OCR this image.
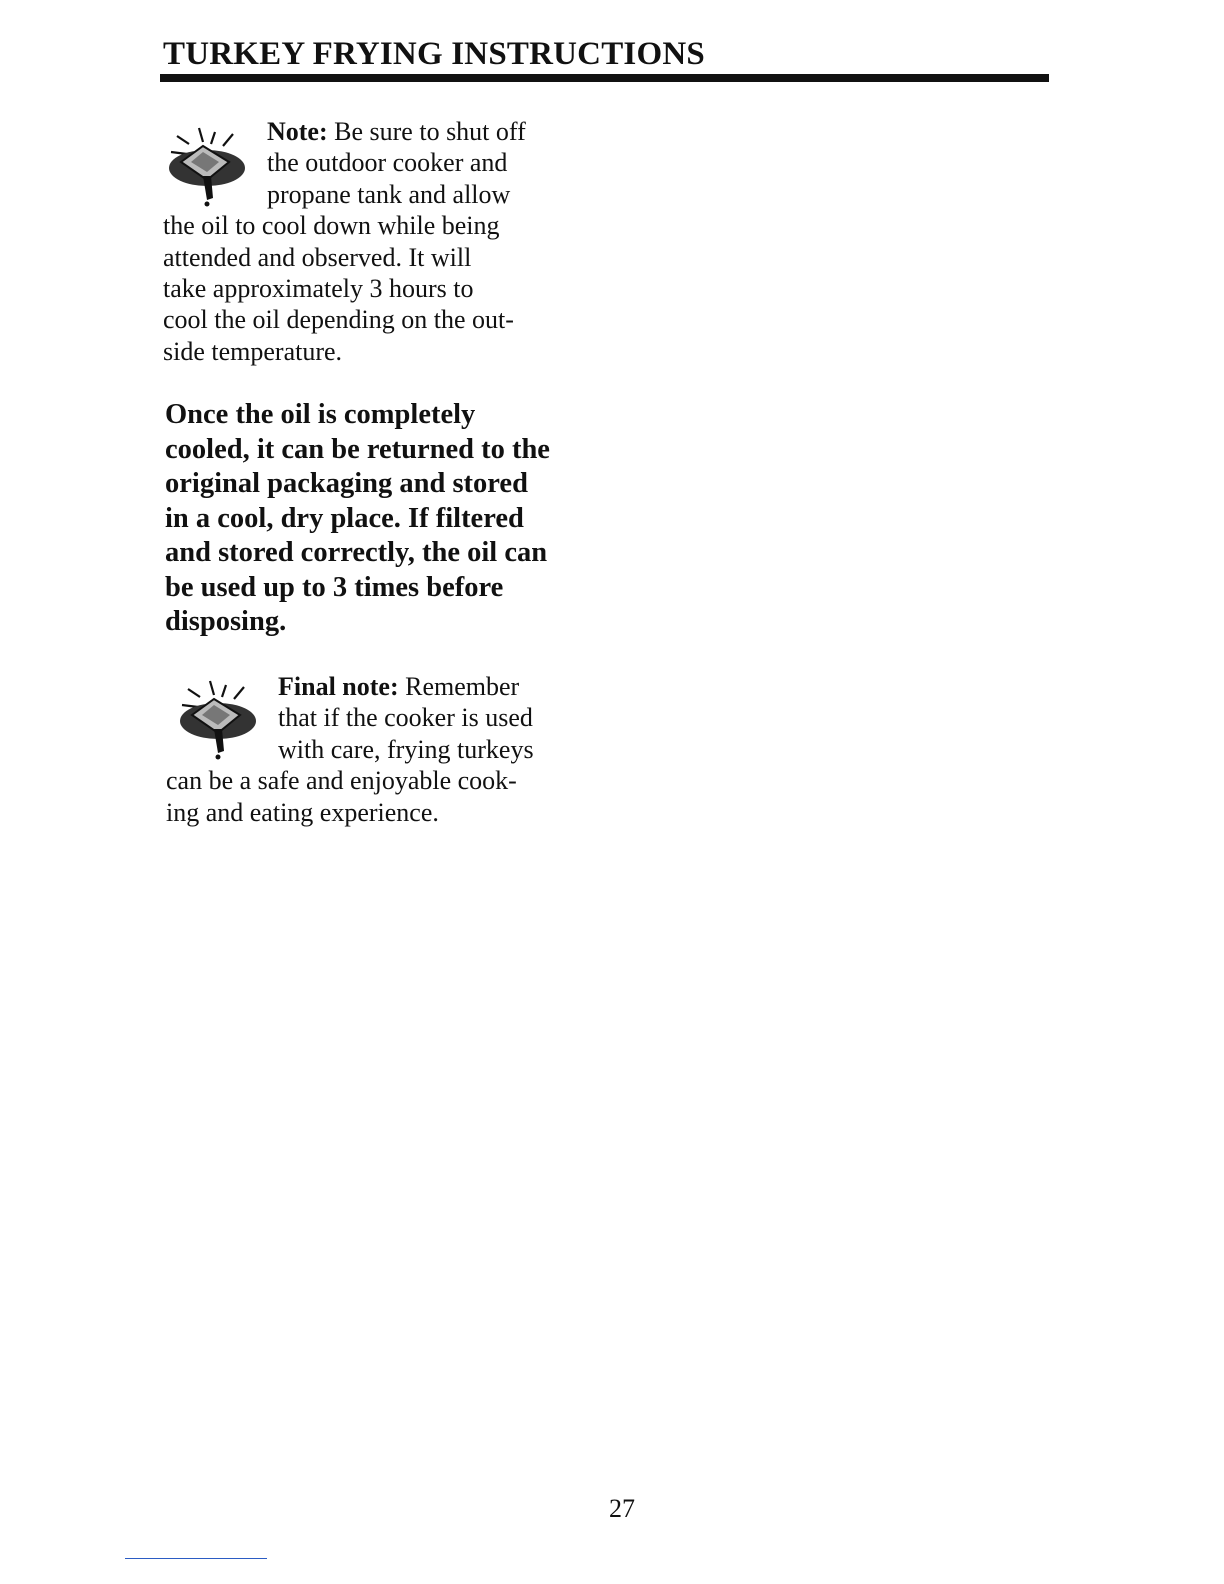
TURKEY FRYING INSTRUCTIONS
Note: Be sure to shut off
the outdoor cooker and
propane tank and allow
the oil to cool down while being
attended and observed. It will
take approximately 3 hours to
cool the oil depending on the out-
side temperature.

Once the oil is completely
cooled, it can be returned to the
original packaging and stored
in a cool, dry place. If filtered
and stored correctly, the oil can
be used up to 3 times before
disposing.

Final note: Remember
that if the cooker is used
with care, frying turkeys
can be a safe and enjoyable cook-
ing and eating experience.
27
